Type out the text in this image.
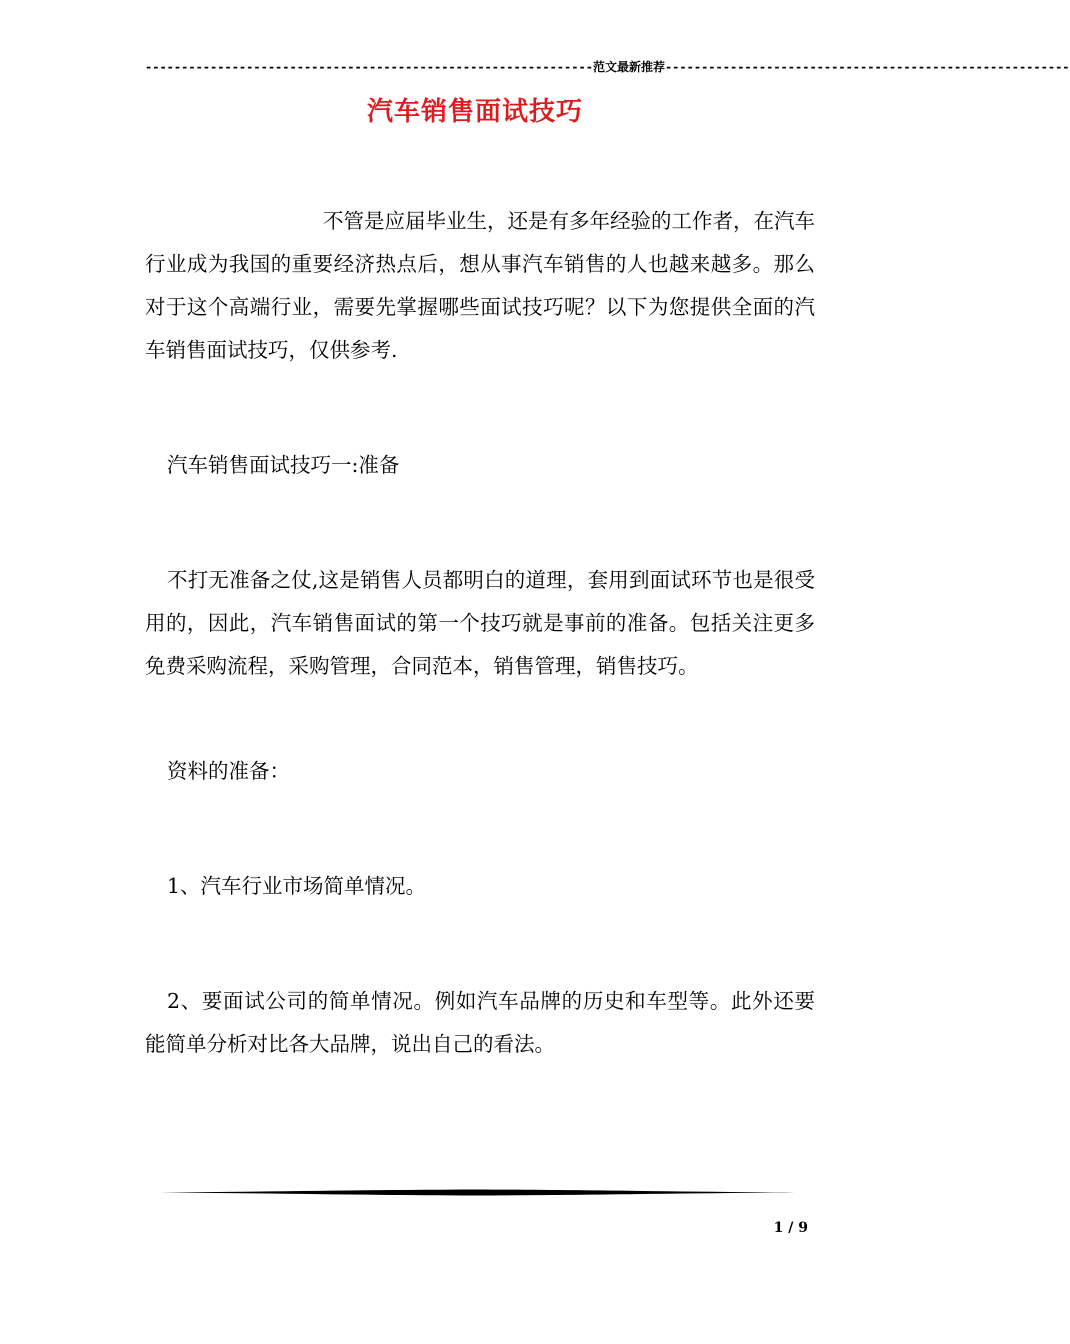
--------------------------------------------------------------范文最新推荐--------------------------------------------------------
汽车销售面试技巧

不管是应届毕业生，还是有多年经验的工作者，在汽车行业成为我国的重要经济热点后，想从事汽车销售的人也越来越多。那么对于这个高端行业，需要先掌握哪些面试技巧呢？以下为您提供全面的汽车销售面试技巧，仅供参考.

汽车销售面试技巧一:准备

不打无准备之仗,这是销售人员都明白的道理，套用到面试环节也是很受用的，因此，汽车销售面试的第一个技巧就是事前的准备。包括关注更多免费采购流程，采购管理，合同范本，销售管理，销售技巧。

资料的准备：

1、汽车行业市场简单情况。

2、要面试公司的简单情况。例如汽车品牌的历史和车型等。此外还要能简单分析对比各大品牌，说出自己的看法。

1 / 9
